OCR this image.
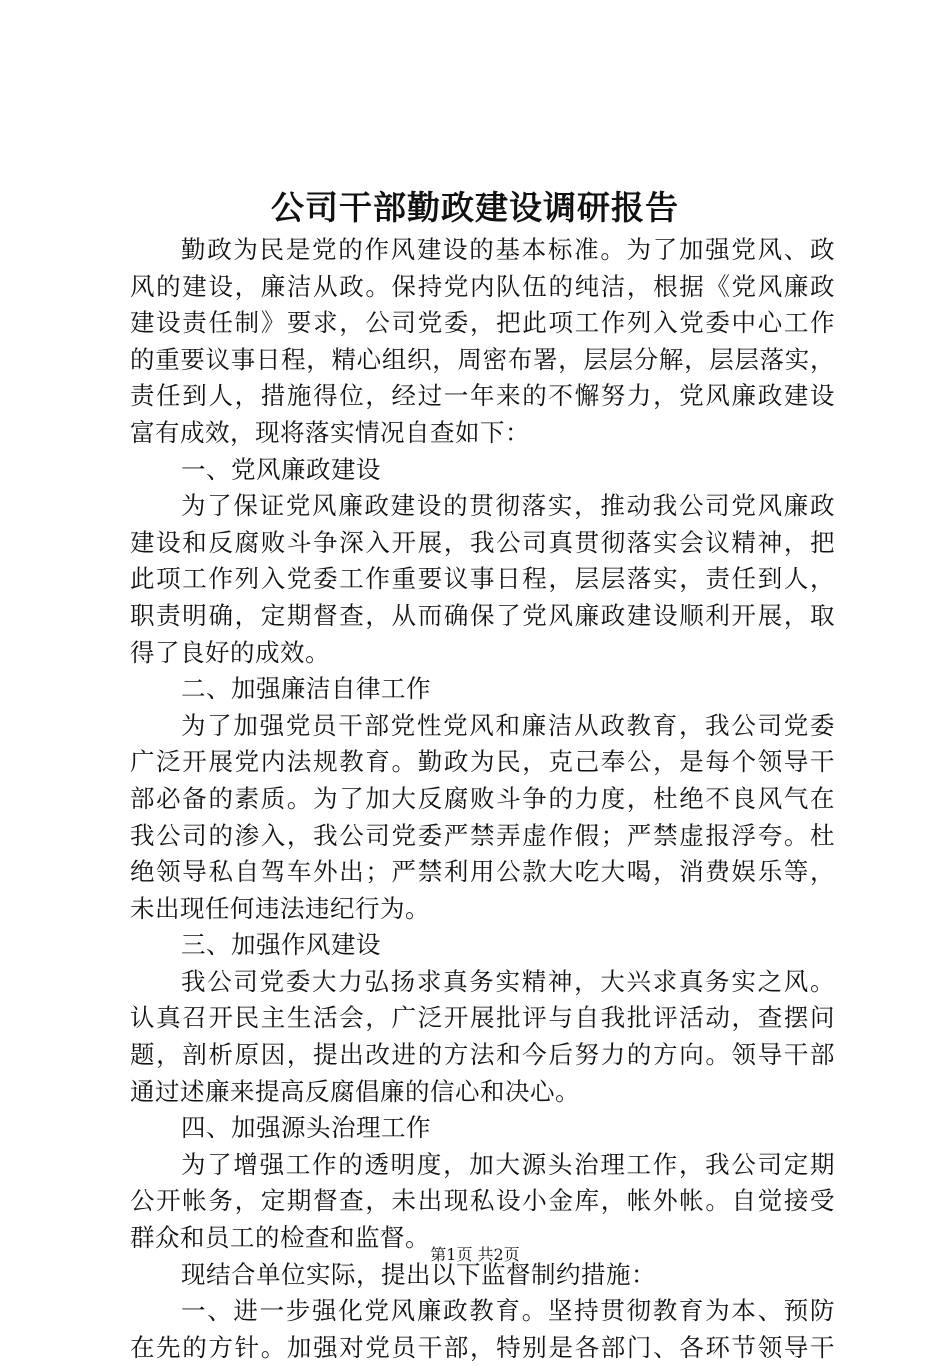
公司干部勤政建设调研报告
勤政为民是党的作风建设的基本标准。为了加强党风、政
风的建设，廉洁从政。保持党内队伍的纯洁，根据《党风廉政
建设责任制》要求，公司党委，把此项工作列入党委中心工作
的重要议事日程，精心组织，周密布署，层层分解，层层落实，
责任到人，措施得位，经过一年来的不懈努力，党风廉政建设
富有成效，现将落实情况自查如下：
一、党风廉政建设
为了保证党风廉政建设的贯彻落实，推动我公司党风廉政
建设和反腐败斗争深入开展，我公司真贯彻落实会议精神，把
此项工作列入党委工作重要议事日程，层层落实，责任到人，
职责明确，定期督查，从而确保了党风廉政建设顺利开展，取
得了良好的成效。
二、加强廉洁自律工作
为了加强党员干部党性党风和廉洁从政教育，我公司党委
广泛开展党内法规教育。勤政为民，克己奉公，是每个领导干
部必备的素质。为了加大反腐败斗争的力度，杜绝不良风气在
我公司的渗入，我公司党委严禁弄虚作假；严禁虚报浮夸。杜
绝领导私自驾车外出；严禁利用公款大吃大喝，消费娱乐等，
未出现任何违法违纪行为。
三、加强作风建设
我公司党委大力弘扬求真务实精神，大兴求真务实之风。
认真召开民主生活会，广泛开展批评与自我批评活动，查摆问
题，剖析原因，提出改进的方法和今后努力的方向。领导干部
通过述廉来提高反腐倡廉的信心和决心。
四、加强源头治理工作
为了增强工作的透明度，加大源头治理工作，我公司定期
公开帐务，定期督查，未出现私设小金库，帐外帐。自觉接受
群众和员工的检查和监督。
现结合单位实际，提出以下监督制约措施：
一、进一步强化党风廉政教育。坚持贯彻教育为本、预防
在先的方针。加强对党员干部，特别是各部门、各环节领导干
第1页 共2页
